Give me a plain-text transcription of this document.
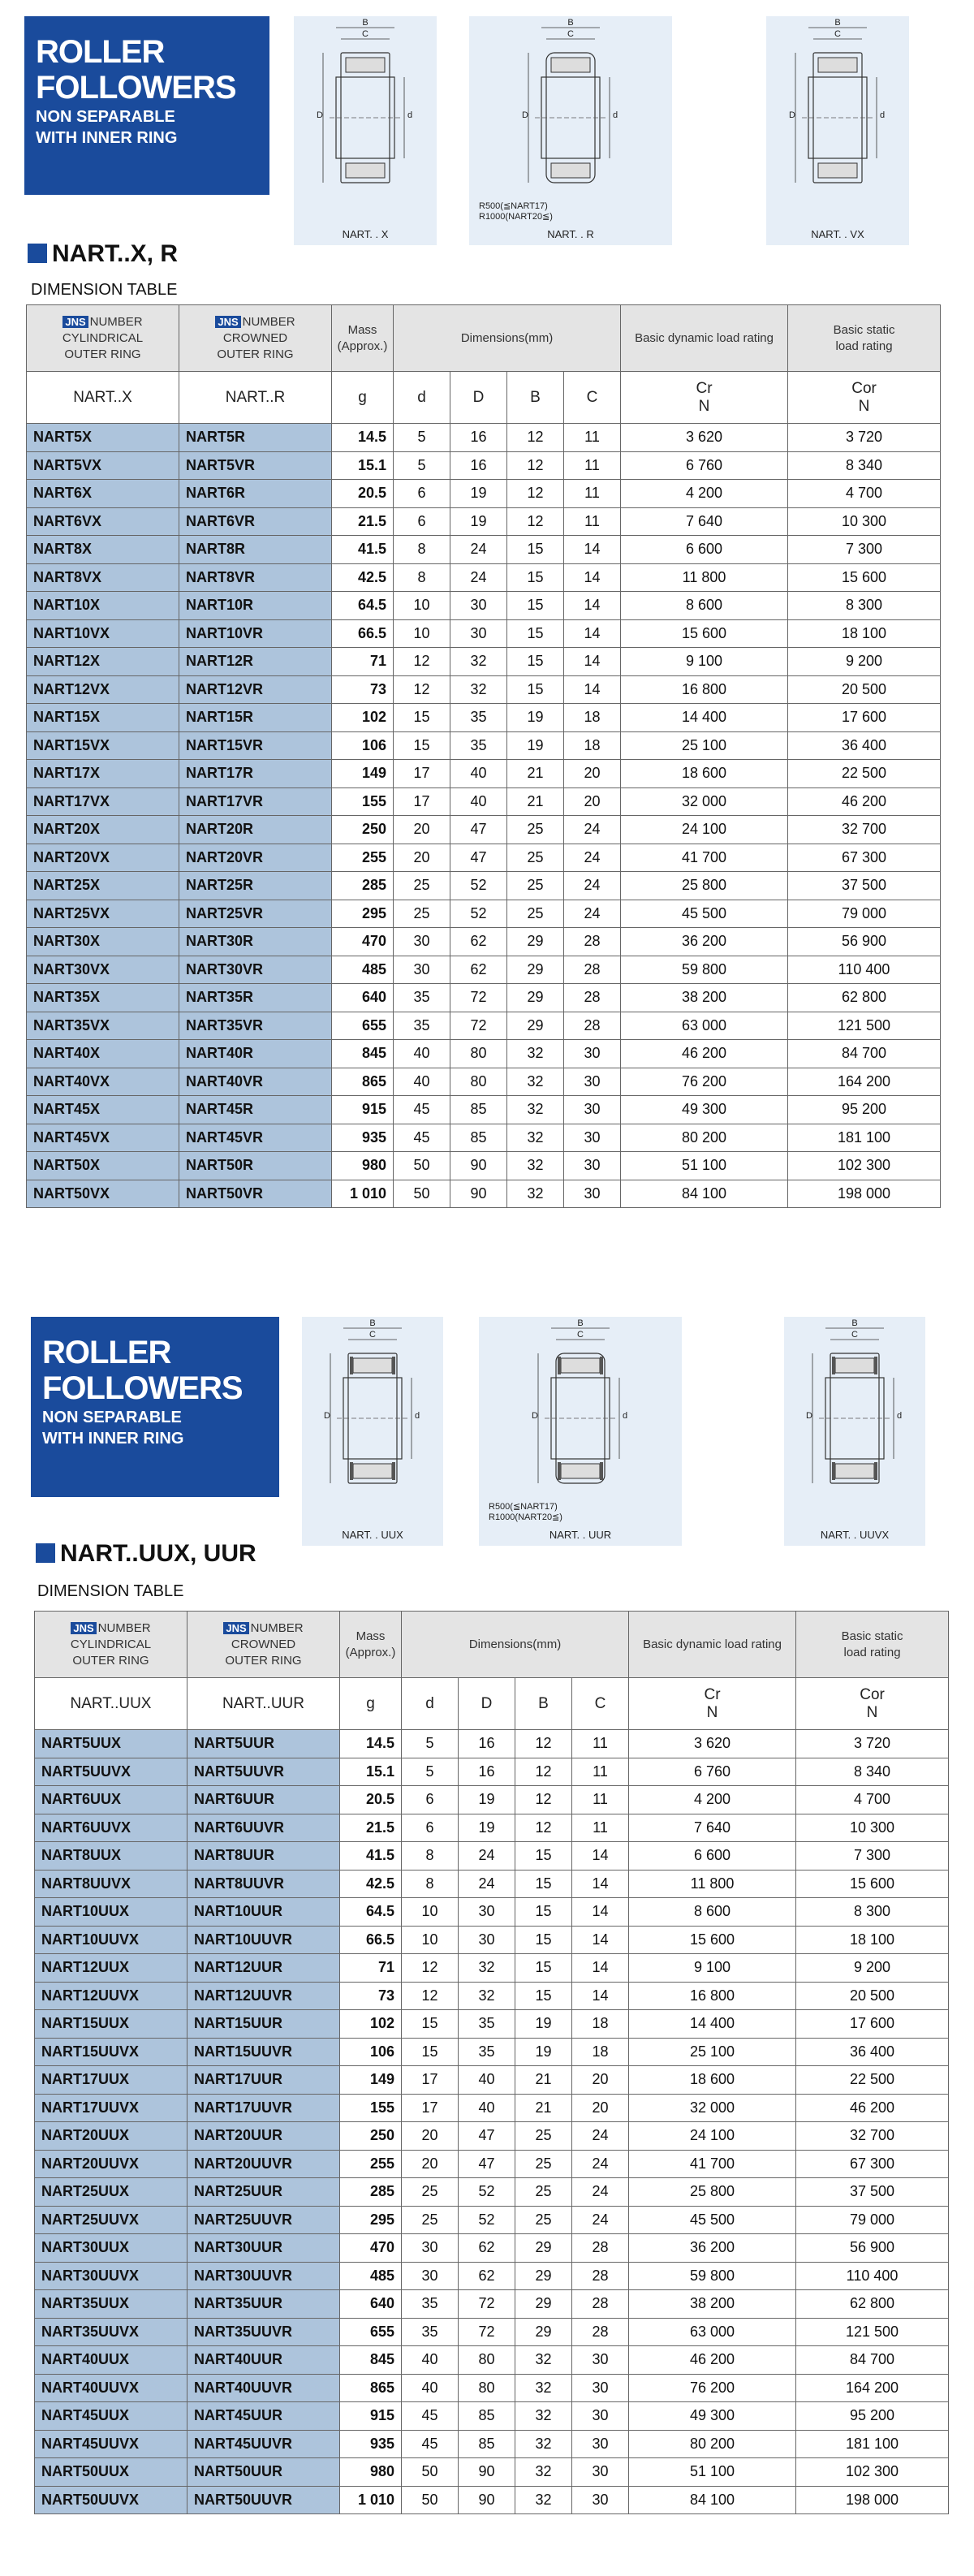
ROLLER
FOLLOWERS
NON SEPARABLE
WITH INNER RING
B
C
D	d
NART. . X
B
C
D	d
R500(≦NART17)
R1000(NART20≦)
NART. . R
B
C
D	d
NART. . VX
NART..X, R
DIMENSION TABLE
JNS NUMBER
CYLINDRICAL
OUTER RING	JNS NUMBER
CROWNED
OUTER RING	Mass
(Approx.)	Dimensions(mm)				Basic dynamic load rating	Basic static
load rating
NART..X	NART..R	g	d	D	B	C	Cr
N	Cor
N
NART5X	NART5R	14.5	5	16	12	11	3 620	3 720
NART5VX	NART5VR	15.1	5	16	12	11	6 760	8 340
NART6X	NART6R	20.5	6	19	12	11	4 200	4 700
NART6VX	NART6VR	21.5	6	19	12	11	7 640	10 300
NART8X	NART8R	41.5	8	24	15	14	6 600	7 300
NART8VX	NART8VR	42.5	8	24	15	14	11 800	15 600
NART10X	NART10R	64.5	10	30	15	14	8 600	8 300
NART10VX	NART10VR	66.5	10	30	15	14	15 600	18 100
NART12X	NART12R	71	12	32	15	14	9 100	9 200
NART12VX	NART12VR	73	12	32	15	14	16 800	20 500
NART15X	NART15R	102	15	35	19	18	14 400	17 600
NART15VX	NART15VR	106	15	35	19	18	25 100	36 400
NART17X	NART17R	149	17	40	21	20	18 600	22 500
NART17VX	NART17VR	155	17	40	21	20	32 000	46 200
NART20X	NART20R	250	20	47	25	24	24 100	32 700
NART20VX	NART20VR	255	20	47	25	24	41 700	67 300
NART25X	NART25R	285	25	52	25	24	25 800	37 500
NART25VX	NART25VR	295	25	52	25	24	45 500	79 000
NART30X	NART30R	470	30	62	29	28	36 200	56 900
NART30VX	NART30VR	485	30	62	29	28	59 800	110 400
NART35X	NART35R	640	35	72	29	28	38 200	62 800
NART35VX	NART35VR	655	35	72	29	28	63 000	121 500
NART40X	NART40R	845	40	80	32	30	46 200	84 700
NART40VX	NART40VR	865	40	80	32	30	76 200	164 200
NART45X	NART45R	915	45	85	32	30	49 300	95 200
NART45VX	NART45VR	935	45	85	32	30	80 200	181 100
NART50X	NART50R	980	50	90	32	30	51 100	102 300
NART50VX	NART50VR	1 010	50	90	32	30	84 100	198 000
ROLLER
FOLLOWERS
NON SEPARABLE
WITH INNER RING
B
C
D	d
NART. . UUX
B
C
D	d
R500(≦NART17)
R1000(NART20≦)
NART. . UUR
B
C
D	d
NART. . UUVX
NART..UUX, UUR
DIMENSION TABLE
JNS NUMBER
CYLINDRICAL
OUTER RING	JNS NUMBER
CROWNED
OUTER RING	Mass
(Approx.)	Dimensions(mm)				Basic dynamic load rating	Basic static
load rating
NART..UUX	NART..UUR	g	d	D	B	C	Cr
N	Cor
N
NART5UUX	NART5UUR	14.5	5	16	12	11	3 620	3 720
NART5UUVX	NART5UUVR	15.1	5	16	12	11	6 760	8 340
NART6UUX	NART6UUR	20.5	6	19	12	11	4 200	4 700
NART6UUVX	NART6UUVR	21.5	6	19	12	11	7 640	10 300
NART8UUX	NART8UUR	41.5	8	24	15	14	6 600	7 300
NART8UUVX	NART8UUVR	42.5	8	24	15	14	11 800	15 600
NART10UUX	NART10UUR	64.5	10	30	15	14	8 600	8 300
NART10UUVX	NART10UUVR	66.5	10	30	15	14	15 600	18 100
NART12UUX	NART12UUR	71	12	32	15	14	9 100	9 200
NART12UUVX	NART12UUVR	73	12	32	15	14	16 800	20 500
NART15UUX	NART15UUR	102	15	35	19	18	14 400	17 600
NART15UUVX	NART15UUVR	106	15	35	19	18	25 100	36 400
NART17UUX	NART17UUR	149	17	40	21	20	18 600	22 500
NART17UUVX	NART17UUVR	155	17	40	21	20	32 000	46 200
NART20UUX	NART20UUR	250	20	47	25	24	24 100	32 700
NART20UUVX	NART20UUVR	255	20	47	25	24	41 700	67 300
NART25UUX	NART25UUR	285	25	52	25	24	25 800	37 500
NART25UUVX	NART25UUVR	295	25	52	25	24	45 500	79 000
NART30UUX	NART30UUR	470	30	62	29	28	36 200	56 900
NART30UUVX	NART30UUVR	485	30	62	29	28	59 800	110 400
NART35UUX	NART35UUR	640	35	72	29	28	38 200	62 800
NART35UUVX	NART35UUVR	655	35	72	29	28	63 000	121 500
NART40UUX	NART40UUR	845	40	80	32	30	46 200	84 700
NART40UUVX	NART40UUVR	865	40	80	32	30	76 200	164 200
NART45UUX	NART45UUR	915	45	85	32	30	49 300	95 200
NART45UUVX	NART45UUVR	935	45	85	32	30	80 200	181 100
NART50UUX	NART50UUR	980	50	90	32	30	51 100	102 300
NART50UUVX	NART50UUVR	1 010	50	90	32	30	84 100	198 000
